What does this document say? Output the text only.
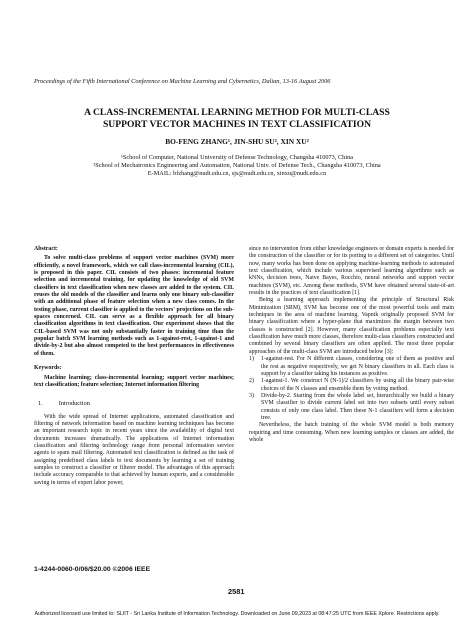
Proceedings of the Fifth International Conference on Machine Learning and Cybernetics, Dalian, 13-16 August 2006
A CLASS-INCREMENTAL LEARNING METHOD FOR MULTI-CLASS
SUPPORT VECTOR MACHINES IN TEXT CLASSIFICATION
BO-FENG ZHANG¹, JIN-SHU SU², XIN XU²
¹School of Computer, National University of Defense Technology, Changsha 410073, China
²School of Mechatronics Engineering and Automation, National Univ. of Defense Tech., Changsha 410073, China
E-MAIL: bfzhang@nudt.edu.cn, sjs@nudt.edu.cn, xinxu@nudt.edu.cn

Abstract:

To solve multi-class problems of support vector machines (SVM) more efficiently, a novel framework, which we call class-incremental learning (CIL), is proposed in this paper. CIL consists of two phases: incremental feature selection and incremental training, for updating the knowledge of old SVM classifiers in text classification when new classes are added to the system. CIL reuses the old models of the classifier and learns only one binary sub-classifier with an additional phase of feature selection when a new class comes. In the testing phase, current classifier is applied to the vectors' projections on the sub-spaces concerned. CIL can serve as a flexible approach for all binary classification algorithms in text classification. Our experiment shows that the CIL-based SVM was not only substantially faster in training time than the popular batch SVM learning methods such as 1-against-rest, 1-against-1 and divide-by-2 but also almost competed to the best performances in effectiveness of them.

Keywords:

Machine learning; class-incremental learning; support vector machines; text classification; feature selection; Internet information filtering

1.	Introduction

With the wide spread of Internet applications, automated classification and filtering of network information based on machine learning techniques has become an important research topic in recent years since the availability of digital text documents increases dramatically. The applications of Internet information classification and filtering technology range from personal information service agents to spam mail filtering. Automated text classification is defined as the task of assigning predefined class labels to text documents by learning a set of training samples to construct a classifier or filterer model. The advantages of this approach include accuracy comparable to that achieved by human experts, and a considerable saving in terms of expert labor power,

since no intervention from either knowledge engineers or domain experts is needed for the construction of the classifier or for its porting to a different set of categories. Until now, many works has been done on applying machine-learning methods to automated text classification, which include various supervised learning algorithms such as kNNs, decision trees, Naive Bayes, Rocchio, neural networks and support vector machines (SVM), etc. Among these methods, SVM have obtained several state-of-art results in the practices of text classification [1].

Being a learning approach implementing the principle of Structural Risk Minimization (SRM), SVM has become one of the most powerful tools and main techniques in the area of machine learning. Vapnik originally proposed SVM for binary classification where a hyper-plane that maximizes the margin between two classes is constructed [2]. However, many classification problems especially text classification have much more classes, therefore multi-class classifiers constructed and combined by several binary classifiers are often applied. The most three popular approaches of the multi-class SVM are introduced below [3]:

1)	1-against-rest. For N different classes, considering one of them as positive and the rest as negative respectively, we get N binary classifiers in all. Each class is support by a classifier taking his instances as positive.
2)	1-against-1. We construct N (N-1)/2 classifiers by using all the binary pair-wise choices of the N classes and ensemble them by voting method.
3)	Divide-by-2. Starting from the whole label set, hierarchically we build a binary SVM classifier to divide current label set into two subsets until every subset consists of only one class label. Then these N-1 classifiers will form a decision tree.

Nevertheless, the batch training of the whole SVM model is both memory requiring and time consuming. When new learning samples or classes are added, the whole

1-4244-0060-0/06/$20.00 ©2006 IEEE
2581
Authorized licensed use limited to: SLIIT - Sri Lanka Institute of Information Technology. Downloaded on June 09,2023 at 08:47:25 UTC from IEEE Xplore. Restrictions apply.
